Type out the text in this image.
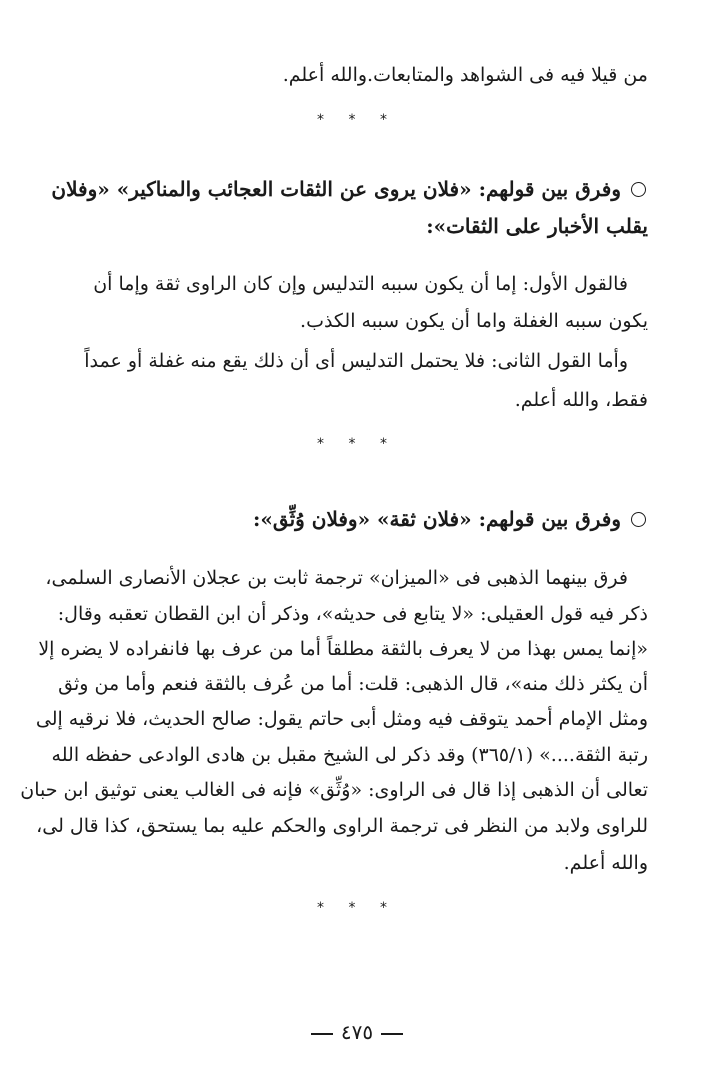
من قيلا فيه فى الشواهد والمتابعات.والله أعلم.
* * *
وفرق بين قولهم: «فلان يروى عن الثقات العجائب والمناكير» «وفلان
يقلب الأخبار على الثقات»:
فالقول الأول: إما أن يكون سببه التدليس وإن كان الراوى ثقة وإما أن
يكون سببه الغفلة واما أن يكون سببه الكذب.
وأما القول الثانى: فلا يحتمل التدليس أى أن ذلك يقع منه غفلة أو عمداً
فقط، والله أعلم.
* * *
وفرق بين قولهم: «فلان ثقة» «وفلان وُثِّق»:
فرق بينهما الذهبى فى «الميزان» ترجمة ثابت بن عجلان الأنصارى السلمى،
ذكر فيه قول العقيلى: «لا يتابع فى حديثه»، وذكر أن ابن القطان تعقبه وقال:
«إنما يمس بهذا من لا يعرف بالثقة مطلقاً أما من عرف بها فانفراده لا يضره إلا
أن يكثر ذلك منه»، قال الذهبى: قلت: أما من عُرف بالثقة فنعم وأما من وثق
ومثل الإمام أحمد يتوقف فيه ومثل أبى حاتم يقول: صالح الحديث، فلا نرقيه إلى
رتبة الثقة....» (٣٦٥/١) وقد ذكر لى الشيخ مقبل بن هادى الوادعى حفظه الله
تعالى أن الذهبى إذا قال فى الراوى: «وُثِّق» فإنه فى الغالب يعنى توثيق ابن حبان
للراوى ولابد من النظر فى ترجمة الراوى والحكم عليه بما يستحق، كذا قال لى،
والله أعلم.
* * *
٤٧٥
